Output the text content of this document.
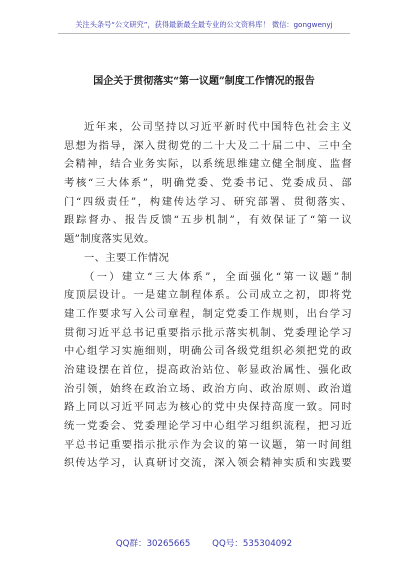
关注头条号“公文研究”，获得最新最全最专业的公文资料库！ 微信：gongwenyj
国企关于贯彻落实“第一议题”制度工作情况的报告
近年来，公司坚持以习近平新时代中国特色社会主义
思想为指导，深入贯彻党的二十大及二十届二中、三中全
会精神，结合业务实际，以系统思维建立健全制度、监督
考核“三大体系”，明确党委、党委书记、党委成员、部
门“四级责任”，构建传达学习、研究部署、贯彻落实、
跟踪督办、报告反馈“五步机制”，有效保证了“第一议
题”制度落实见效。
一、主要工作情况
（一）建立“三大体系”，全面强化“第一议题”制
度顶层设计。一是建立制程体系。公司成立之初，即将党
建工作要求写入公司章程，制定党委工作规则，出台学习
贯彻习近平总书记重要指示批示落实机制、党委理论学习
中心组学习实施细则，明确公司各级党组织必须把党的政
治建设摆在首位，提高政治站位、彰显政治属性、强化政
治引领，始终在政治立场、政治方向、政治原则、政治道
路上同以习近平同志为核心的党中央保持高度一致。同时
统一党委会、党委理论学习中心组学习组织流程，把习近
平总书记重要指示批示作为会议的第一议题，第一时间组
织传达学习，认真研讨交流，深入领会精神实质和实践要
QQ群：30265665        QQ号：535304092
